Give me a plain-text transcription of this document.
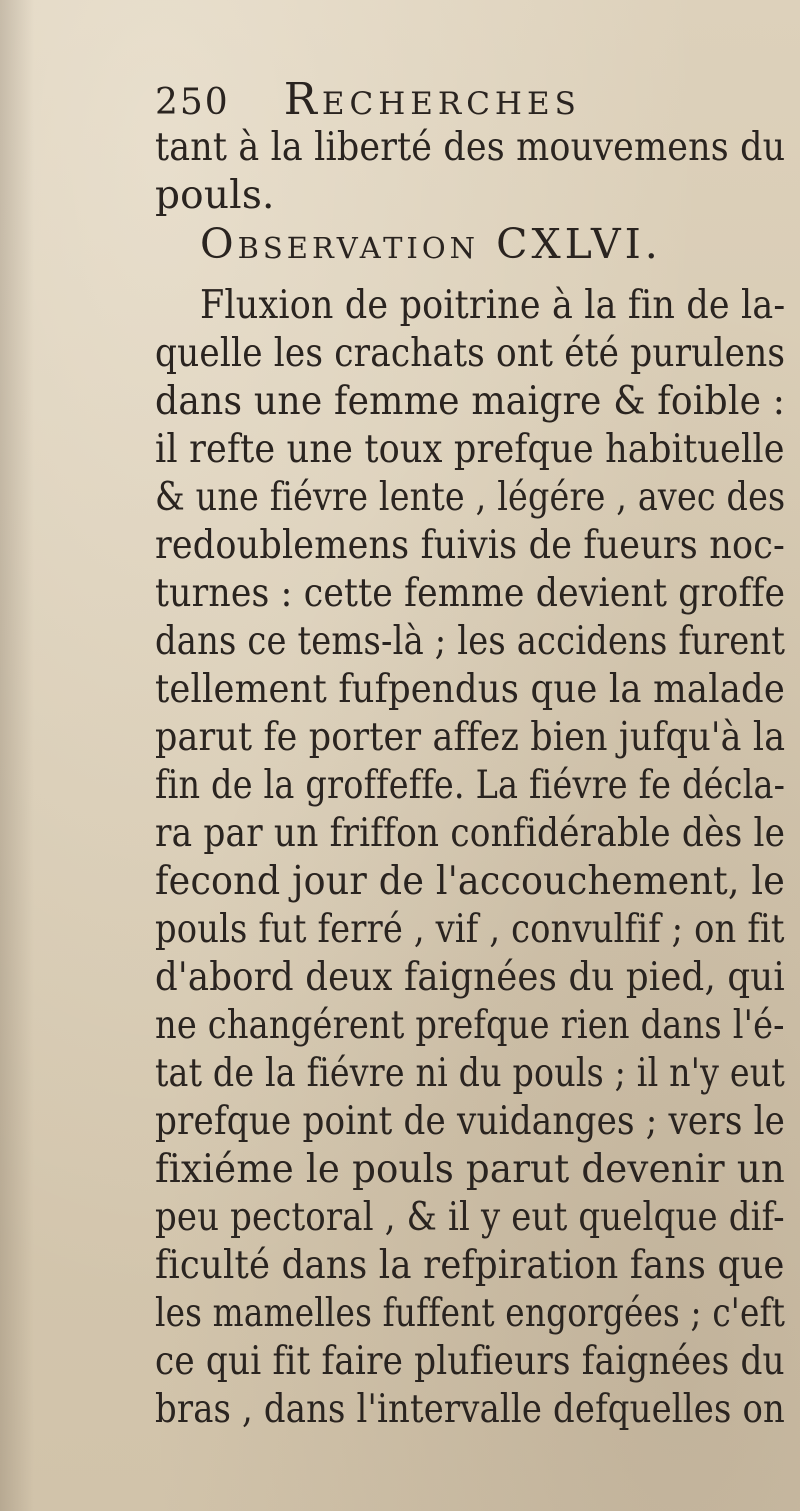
250 Recherches
tant à la liberté des mouvemens du
pouls.
Observation CXLVI.
Fluxion de poitrine à la fin de la-
quelle les crachats ont été purulens
dans une femme maigre & foible :
il refte une toux prefque habituelle
& une fiévre lente , légére , avec des
redoublemens fuivis de fueurs noc-
turnes : cette femme devient groffe
dans ce tems-là ; les accidens furent
tellement fufpendus que la malade
parut fe porter affez bien jufqu'à la
fin de la groffeffe. La fiévre fe décla-
ra par un friffon confidérable dès le
fecond jour de l'accouchement, le
pouls fut ferré , vif , convulfif ; on fit
d'abord deux faignées du pied, qui
ne changérent prefque rien dans l'é-
tat de la fiévre ni du pouls ; il n'y eut
prefque point de vuidanges ; vers le
fixiéme le pouls parut devenir un
peu pectoral , & il y eut quelque dif-
ficulté dans la refpiration fans que
les mamelles fuffent engorgées ; c'eft
ce qui fit faire plufieurs faignées du
bras , dans l'intervalle defquelles on
